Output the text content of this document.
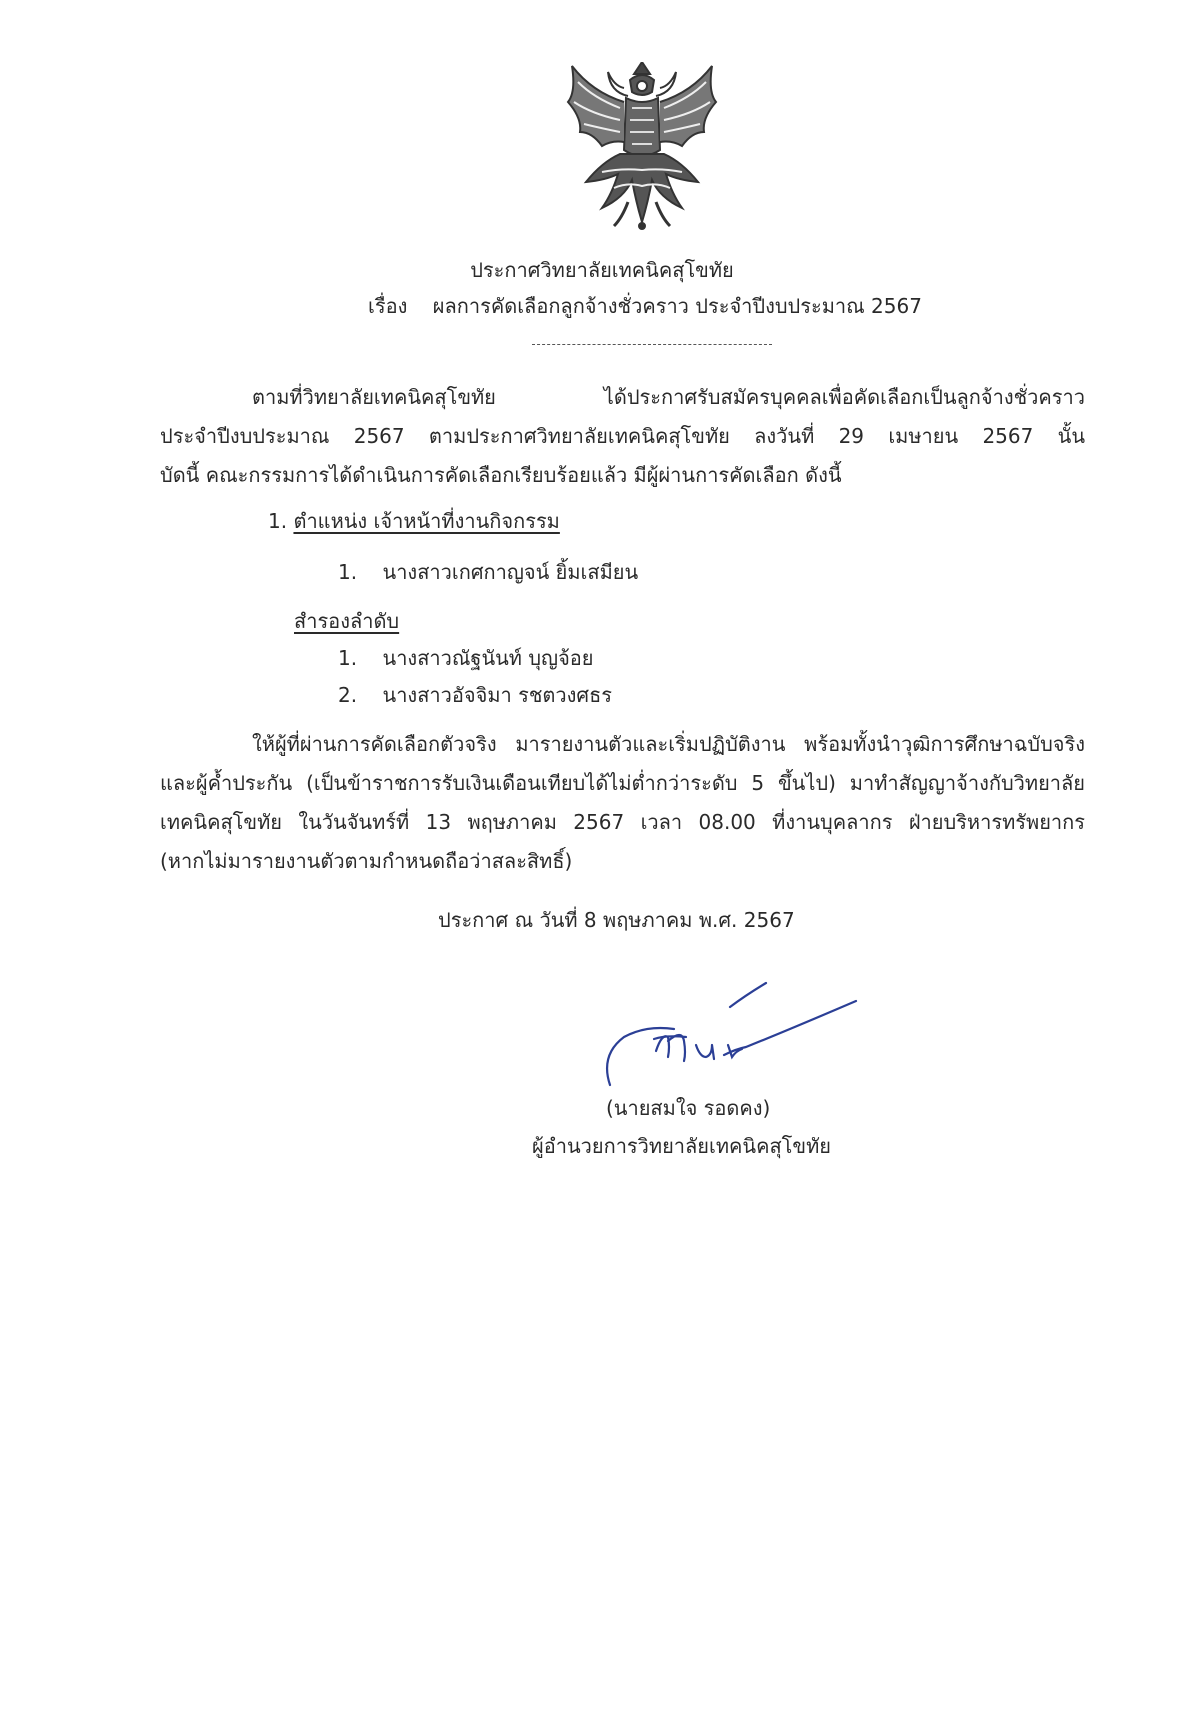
ประกาศวิทยาลัยเทคนิคสุโขทัย
เรื่อง ผลการคัดเลือกลูกจ้างชั่วคราว ประจำปีงบประมาณ 2567
ตามที่วิทยาลัยเทคนิคสุโขทัย ได้ประกาศรับสมัครบุคคลเพื่อคัดเลือกเป็นลูกจ้างชั่วคราว
ประจำปีงบประมาณ 2567 ตามประกาศวิทยาลัยเทคนิคสุโขทัย ลงวันที่ 29 เมษายน 2567 นั้น
บัดนี้ คณะกรรมการได้ดำเนินการคัดเลือกเรียบร้อยแล้ว มีผู้ผ่านการคัดเลือก ดังนี้
1. ตำแหน่ง เจ้าหน้าที่งานกิจกรรม
1. นางสาวเกศกาญจน์ ยิ้มเสมียน
สำรองลำดับ
1. นางสาวณัฐนันท์ บุญจ้อย
2. นางสาวอัจจิมา รชตวงศธร
ให้ผู้ที่ผ่านการคัดเลือกตัวจริง มารายงานตัวและเริ่มปฏิบัติงาน พร้อมทั้งนำวุฒิการศึกษาฉบับจริง
และผู้ค้ำประกัน (เป็นข้าราชการรับเงินเดือนเทียบได้ไม่ต่ำกว่าระดับ 5 ขึ้นไป) มาทำสัญญาจ้างกับวิทยาลัย
เทคนิคสุโขทัย ในวันจันทร์ที่ 13 พฤษภาคม 2567 เวลา 08.00 ที่งานบุคลากร ฝ่ายบริหารทรัพยากร
(หากไม่มารายงานตัวตามกำหนดถือว่าสละสิทธิ์)
ประกาศ ณ วันที่ 8 พฤษภาคม พ.ศ. 2567
(นายสมใจ รอดคง)
ผู้อำนวยการวิทยาลัยเทคนิคสุโขทัย
